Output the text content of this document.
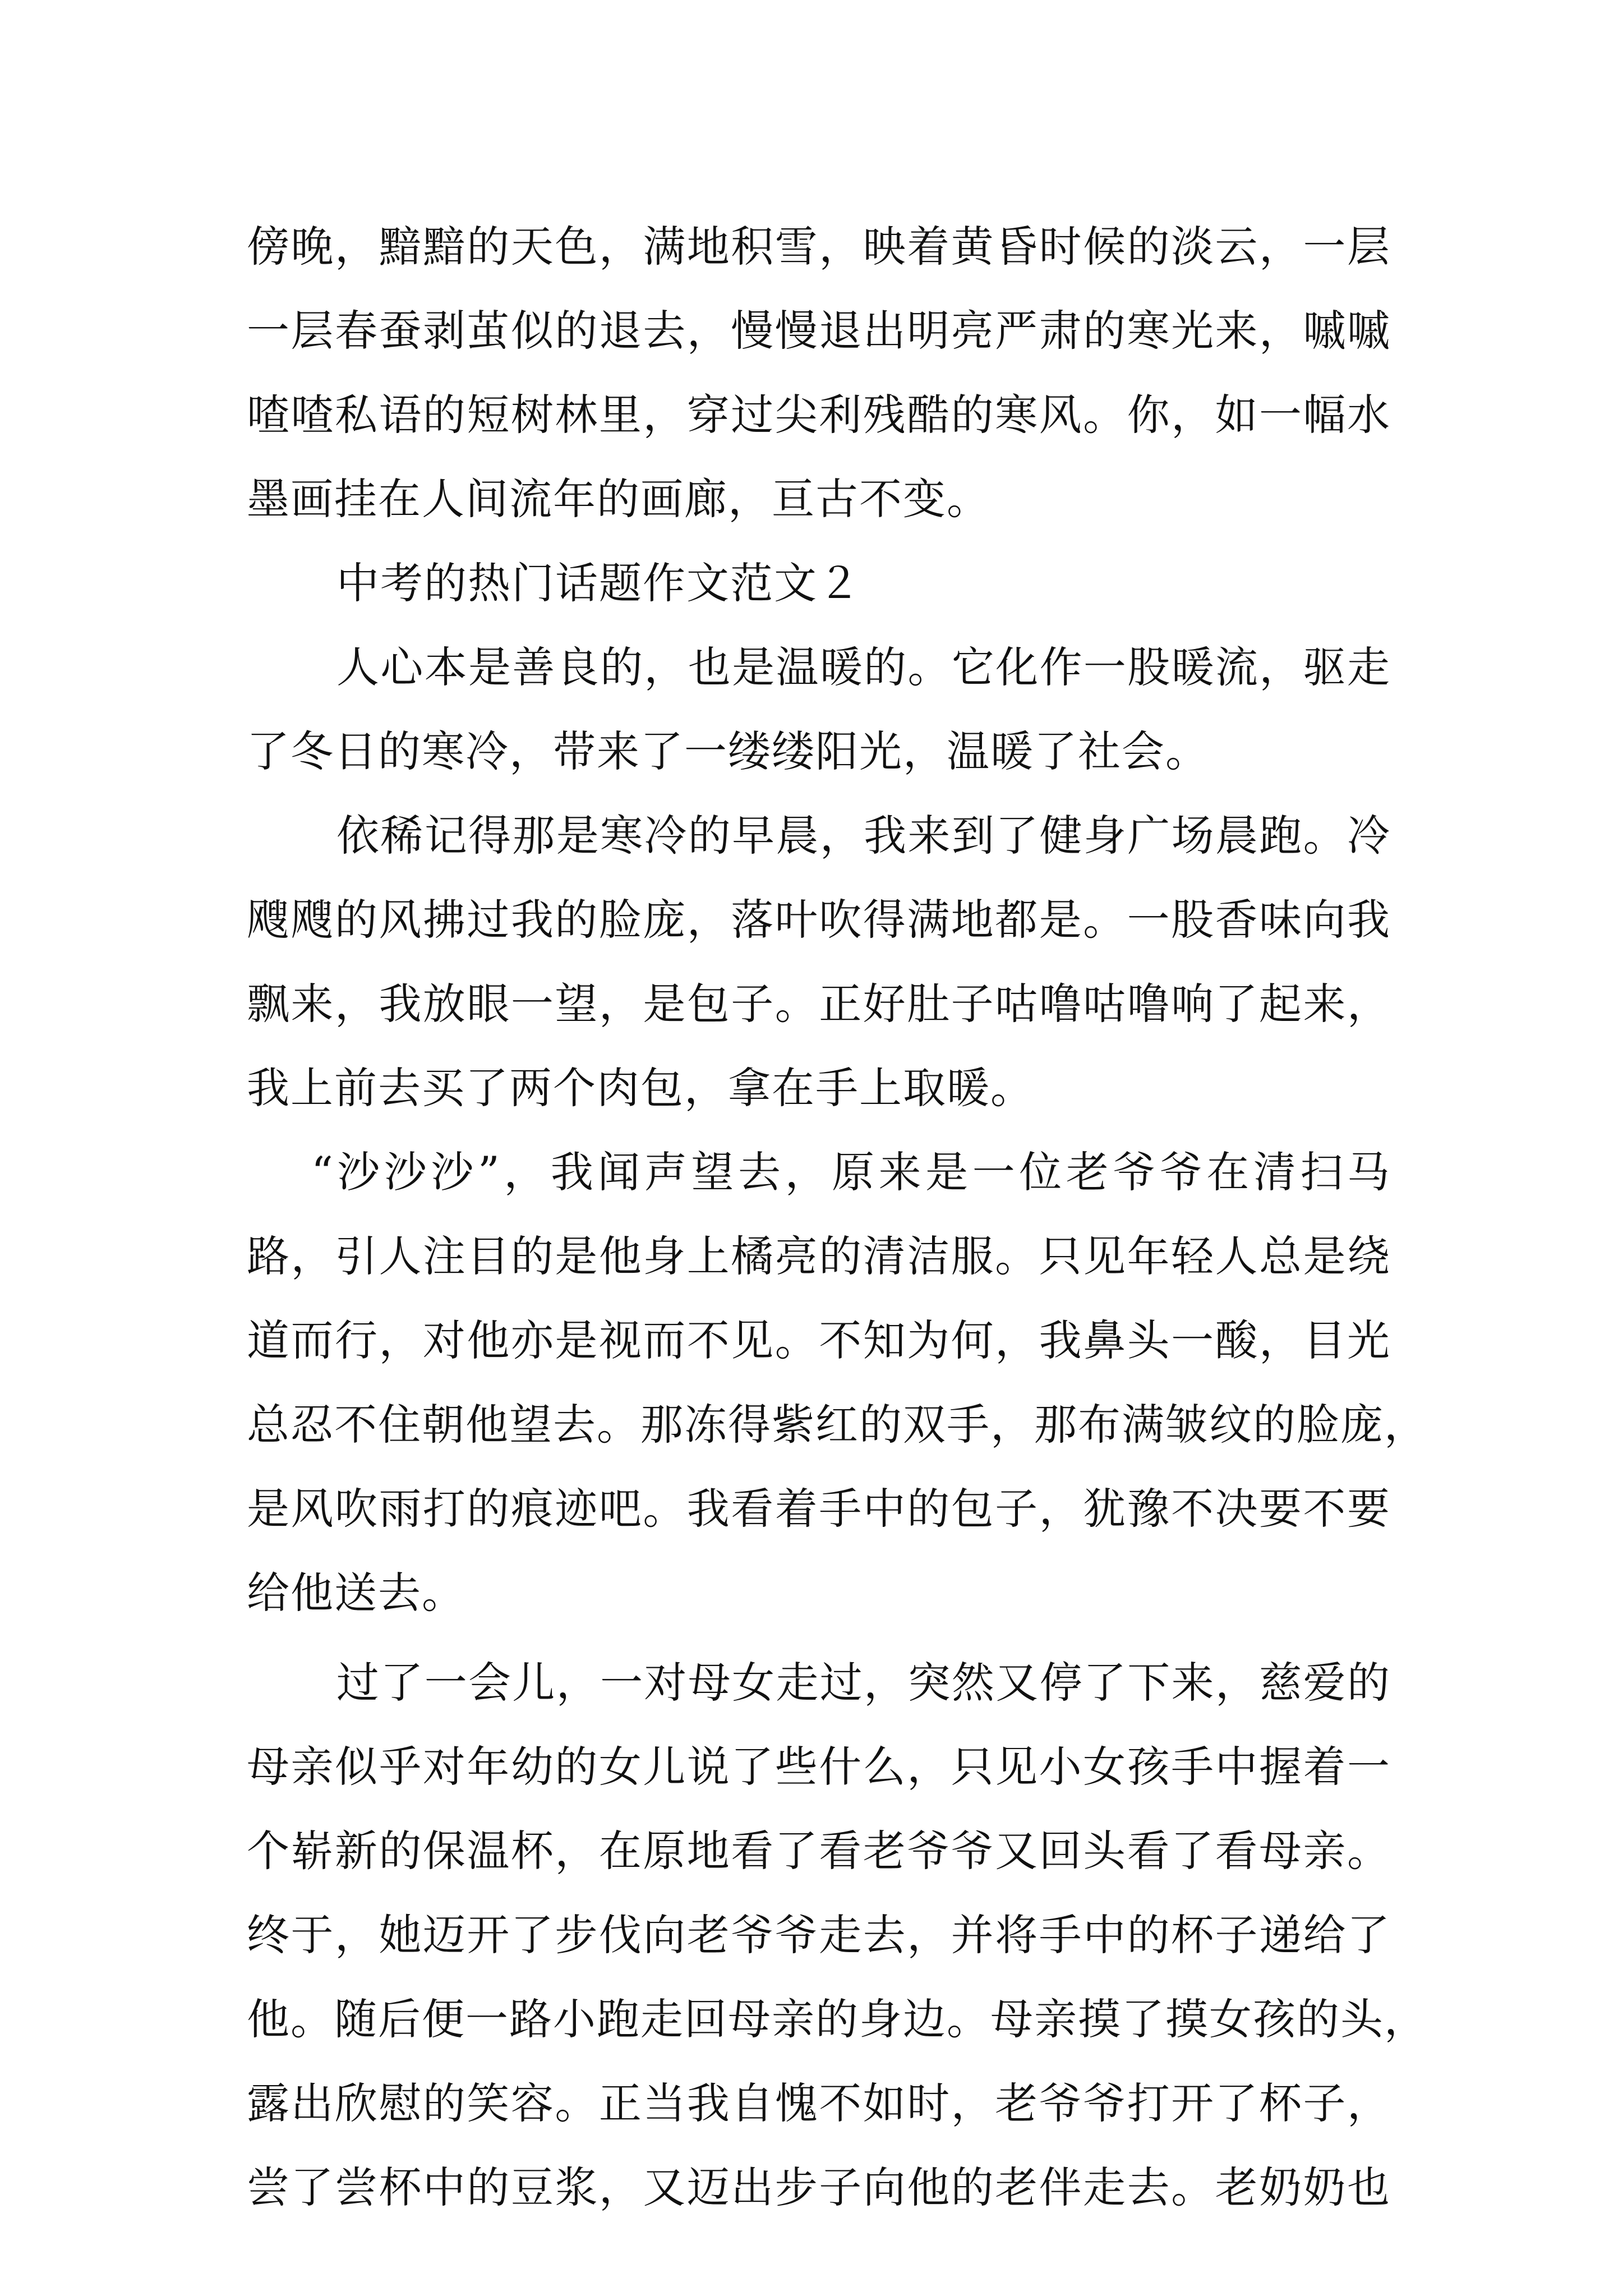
傍晚，黯黯的天色，满地积雪，映着黄昏时候的淡云，一层
一层春蚕剥茧似的退去，慢慢退出明亮严肃的寒光来，嘁嘁
喳喳私语的短树林里，穿过尖利残酷的寒风。你，如一幅水
墨画挂在人间流年的画廊，亘古不变。
中考的热门话题作文范文２
人心本是善良的，也是温暖的。它化作一股暖流，驱走
了冬日的寒冷，带来了一缕缕阳光，温暖了社会。
依稀记得那是寒冷的早晨，我来到了健身广场晨跑。冷
飕飕的风拂过我的脸庞，落叶吹得满地都是。一股香味向我
飘来，我放眼一望，是包子。正好肚子咕噜咕噜响了起来，
我上前去买了两个肉包，拿在手上取暖。
“沙沙沙”，我闻声望去，原来是一位老爷爷在清扫马
路，引人注目的是他身上橘亮的清洁服。只见年轻人总是绕
道而行，对他亦是视而不见。不知为何，我鼻头一酸，目光
总忍不住朝他望去。那冻得紫红的双手，那布满皱纹的脸庞，
是风吹雨打的痕迹吧。我看着手中的包子，犹豫不决要不要
给他送去。
过了一会儿，一对母女走过，突然又停了下来，慈爱的
母亲似乎对年幼的女儿说了些什么，只见小女孩手中握着一
个崭新的保温杯，在原地看了看老爷爷又回头看了看母亲。
终于，她迈开了步伐向老爷爷走去，并将手中的杯子递给了
他。随后便一路小跑走回母亲的身边。母亲摸了摸女孩的头，
露出欣慰的笑容。正当我自愧不如时，老爷爷打开了杯子，
尝了尝杯中的豆浆，又迈出步子向他的老伴走去。老奶奶也
